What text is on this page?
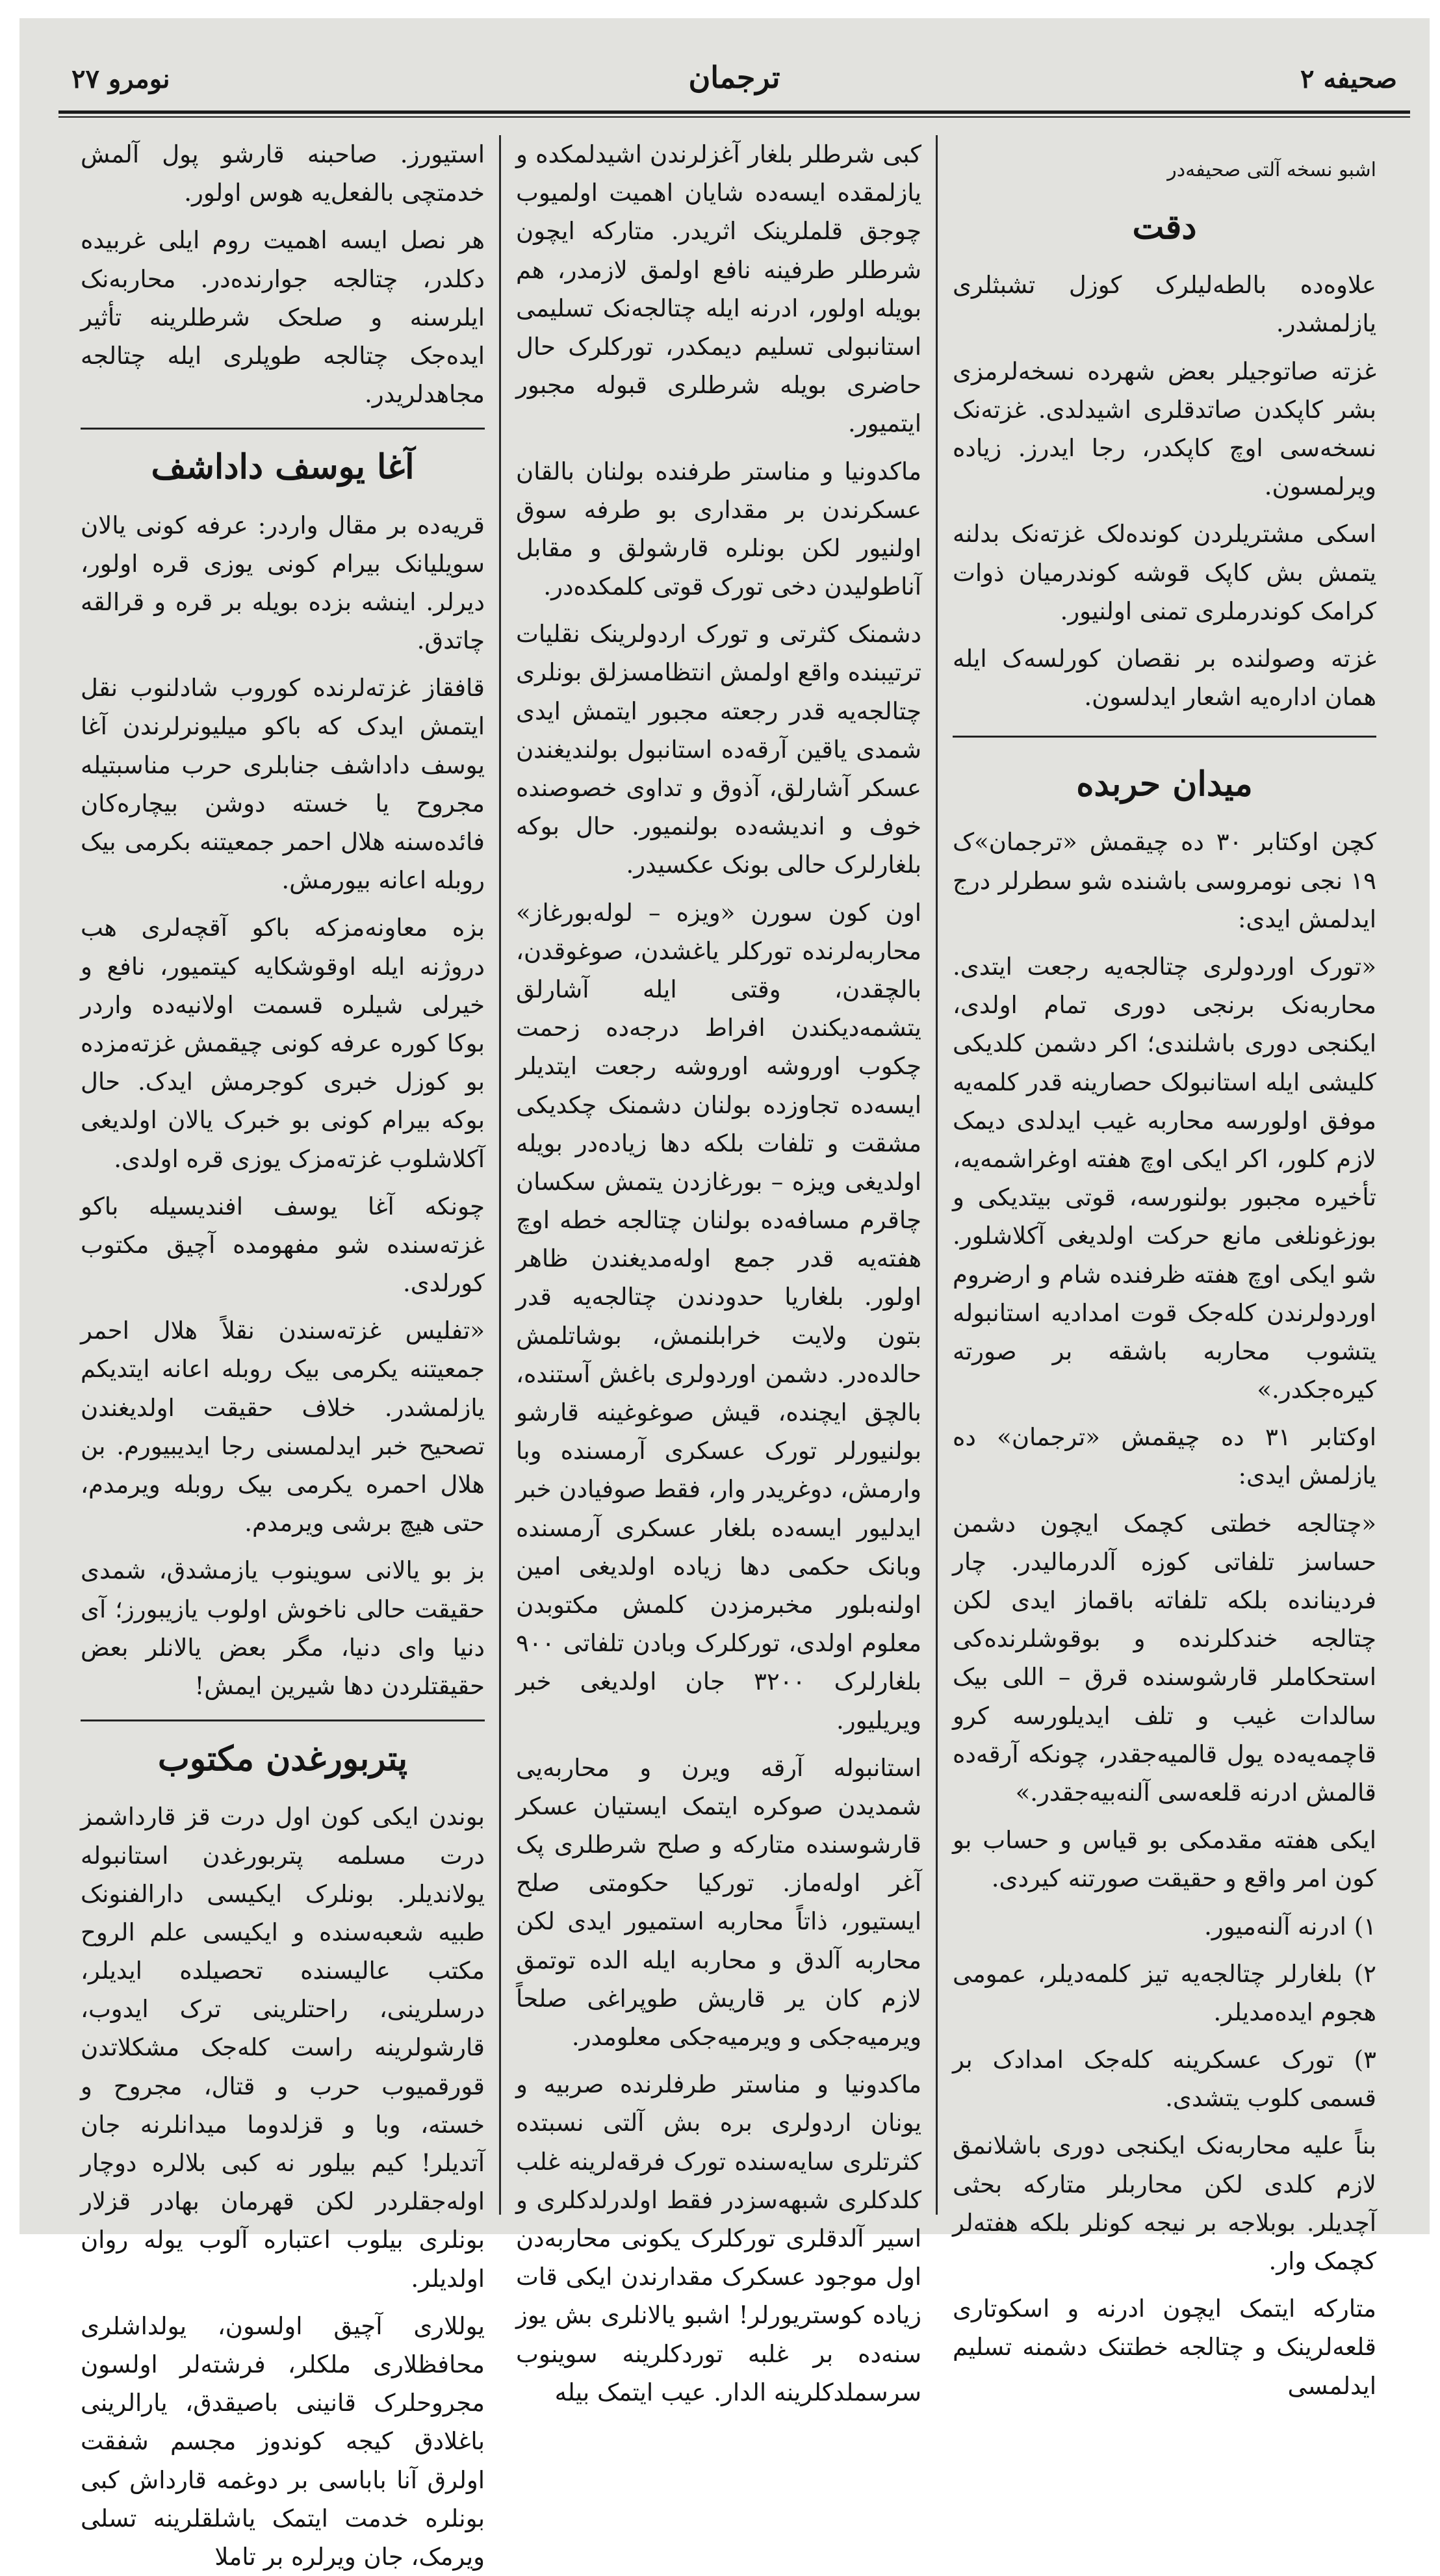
نومرو ۲۷	ترجمان	صحیفه ۲
اشبو نسخه آلتی صحیفه‌در
دقت

علاوه‌ده بالطه‌لیلرک کوزل تشبثلری یازلمشدر.

غزته صاتوجیلر بعض شهرده نسخه‌لرمزی بشر کاپکدن صاتدقلری اشیدلدی. غزته‌نک نسخه‌سی اوچ کاپکدر، رجا ایدرز. زیاده ویرلمسون.

اسکی مشتریلردن کوندەلک غزته‌نک بدلنه یتمش بش کاپک قوشه کوندرمیان ذوات کرامک کوندرملری تمنی اولنیور.

غزته وصولنده بر نقصان کورلسه‌ک ایله همان اداره‌یه اشعار ایدلسون.

میدان حربده

کچن اوکتابر ۳۰ ده چیقمش «ترجمان»‌ک ۱۹ نجی نومروسی باشنده شو سطرلر درج ایدلمش ایدی:

«تورک اوردولری چتالجه‌یه رجعت ایتدی. محاربه‌نک برنجی دوری تمام اولدی، ایکنجی دوری باشلندی؛ اکر دشمن کلدیکی کلیشی ایله استانبولک حصارینه قدر کلمه‌یه موفق اولورسه محاربه غیب ایدلدی دیمک لازم کلور، اکر ایکی اوچ هفته اوغراشمه‌یه، تأخیره مجبور بولنورسه، قوتی بیتدیکی و بوزغونلغی مانع حرکت اولدیغی آکلاشلور. شو ایکی اوچ هفته ظرفنده شام و ارضروم اوردولرندن کله‌جک قوت امدادیه استانبوله یتشوب محاربه باشقه بر صورته کیره‌جکدر.»

اوکتابر ۳۱ ده چیقمش «ترجمان» ده یازلمش ایدی:

«چتالجه خطتی کچمک ایچون دشمن حساسز تلفاتی کوزه آلدرمالیدر. چار فردینانده بلکه تلفاته باقماز ایدی لکن چتالجه خندکلرنده و بوقوشلرنده‌کی استحکاملر قارشوسنده قرق – اللی بیک سالدات غیب و تلف ایدیلورسه کرو قاچمه‌یه‌ده یول قالمیه‌جقدر، چونکه آرقه‌ده قالمش ادرنه قلعه‌سی آلنه‌بیه‌جقدر.»

ایکی هفته مقدمکی بو قیاس و حساب بو کون امر واقع و حقیقت صورتنه کیردی.

۱) ادرنه آلنه‌میور.

۲) بلغارلر چتالجه‌یه تیز کلمه‌دیلر، عمومی هجوم ایده‌مدیلر.

۳) تورک عسکرینه کله‌جک امدادک بر قسمی کلوب یتشدی.

بناً علیه محاربه‌نک ایکنجی دوری باشلانمق لازم کلدی لکن محاربلر متارکه بحثی آچدیلر. بوبلاجه بر نیجه کونلر بلکه هفته‌لر کچمک وار.

متارکه ایتمک ایچون ادرنه و اسکوتاری قلعه‌لرینک و چتالجه خطتنک دشمنه تسلیم ایدلمسی

کبی شرطلر بلغار آغزلرندن اشیدلمکده و یازلمقده ایسه‌ده شایان اهمیت اولمیوب چوجق قلملرینک اثریدر. متارکه ایچون شرطلر طرفینه نافع اولمق لازمدر، هم بویله اولور، ادرنه ایله چتالجه‌نک تسلیمی استانبولی تسلیم دیمکدر، تورکلرک حال حاضری بویله شرطلری قبوله مجبور ایتمیور.

ماکدونیا و مناستر طرفنده بولنان بالقان عسکرندن بر مقداری بو طرفه سوق اولنیور لکن بونلره قارشولق و مقابل آناطولیدن دخی تورک قوتی کلمکده‌در.

دشمنک کثرتی و تورک اردولرینک نقلیات ترتیبنده واقع اولمش انتظامسزلق بونلری چتالجه‌یه قدر رجعته مجبور ایتمش ایدی شمدی یاقین آرقه‌ده استانبول بولندیغندن عسکر آشارلق، آذوق و تداوی خصوصنده خوف و اندیشه‌ده بولنمیور. حال بوکه بلغارلرک حالی بونک عکسیدر.

اون کون سورن «ویزه – لوله‌بورغاز» محاربه‌لرنده تورکلر یاغشدن، صوغوقدن، بالچقدن، وقتی ایله آشارلق یتشمه‌دیکندن افراط درجه‌ده زحمت چکوب اوروشه اوروشه رجعت ایتدیلر ایسه‌ده تجاوزده بولنان دشمنک چکدیکی مشقت و تلفات بلکه دها زیاده‌در بویله اولدیغی ویزه – بورغازدن یتمش سکسان چاقرم مسافه‌ده بولنان چتالجه خطه اوچ هفته‌یه قدر جمع اوله‌مدیغندن ظاهر اولور. بلغاریا حدودندن چتالجه‌یه قدر بتون ولایت خرابلنمش، بوشاتلمش حالده‌در. دشمن اوردولری باغش آستنده، بالچق ایچنده، قیش صوغوغینه قارشو بولنیورلر تورک عسکری آرمسنده وبا وارمش، دوغریدر وار، فقط صوفیادن خبر ایدلیور ایسه‌ده بلغار عسکری آرمسنده وبانک حکمی دها زیاده اولدیغی امین اولنه‌بلور مخبرمزدن کلمش مکتوبدن معلوم اولدی، تورکلرک وبادن تلفاتی ۹۰۰ بلغارلرک ۳۲۰۰ جان اولدیغی خبر ویریلیور.

استانبوله آرقه ویرن و محاربه‌یی شمدیدن صوکره ایتمک ایستیان عسکر قارشوسنده متارکه و صلح شرطلری پک آغر اوله‌ماز. تورکیا حکومتی صلح ایستیور، ذاتاً محاربه استمیور ایدی لکن محاربه آلدق و محاربه ایله الده توتمق لازم کان یر قاریش طوپراغی صلحاً ویرمیه‌جکی و ویرمیه‌جکی معلومدر.

ماکدونیا و مناستر طرفلرنده صربیه و یونان اردولری بره بش آلتی نسبتده کثرتلری سایه‌سنده تورک فرقه‌لرینه غلب کلدکلری شبهه‌سزدر فقط اولدرلدکلری و اسیر آلدقلری تورکلرک یکونی محاربه‌دن اول موجود عسکرک مقدارندن ایکی قات زیاده کوستریورلر! اشبو یالانلری بش یوز سنه‌ده بر غلبه توردکلرینه سوینوب سرسملدکلرینه الدار. عیب ایتمک بیله

استیورز. صاحبنه قارشو پول آلمش خدمتچی بالفعل‌یه هوس اولور.

هر نصل ایسه اهمیت روم ایلی غربیده دکلدر، چتالجه جوارنده‌در. محاربه‌نک ایلرسنه و صلحک شرطلرینه تأثیر ایده‌جک چتالجه طوپلری ایله چتالجه مجاهدلریدر.

آغا یوسف داداشف

قریه‌ده بر مقال واردر: عرفه کونی یالان سویلیانک بیرام کونی یوزی قره اولور، دیرلر. اینشه بزده بویله بر قره و قرالقه چاتدق.

قافقاز غزته‌لرنده کوروب شادلنوب نقل ایتمش ایدک که باکو میلیونرلرندن آغا یوسف داداشف جنابلری حرب مناسبتیله مجروح یا خسته دوشن بیچاره‌کان فائده‌سنه هلال احمر جمعیتنه بکرمی بیک روبله اعانه بیورمش.

بزه معاونه‌مزکه باکو آقچه‌لری هب دروژنه ایله اوقوشکایه کیتمیور، نافع و خیرلی شیلره قسمت اولانیه‌ده واردر بوکا کوره عرفه کونی چیقمش غزته‌مزده بو کوزل خبری کوجرمش ایدک. حال بوکه بیرام کونی بو خبرک یالان اولدیغی آکلاشلوب غزته‌مزک یوزی قره اولدی.

چونکه آغا یوسف افندیسیله باکو غزته‌سنده شو مفهومده آچیق مکتوب کورلدی.

«تفلیس غزته‌سندن نقلاً هلال احمر جمعیتنه یکرمی بیک روبله اعانه ایتدیکم یازلمشدر. خلاف حقیقت اولدیغندن تصحیح خبر ایدلمسنی رجا ایدیبیورم. بن هلال احمره یکرمی بیک روبله ویرمدم، حتی هیچ برشی ویرمدم.

بز بو یالانی سوینوب یازمشدق، شمدی حقیقت حالی ناخوش اولوب یازیبورز؛ آی دنیا وای دنیا، مگر بعض یالانلر بعض حقیقتلردن دها شیرین ایمش!

پتربورغدن مکتوب

بوندن ایکی کون اول درت قز قارداشمز درت مسلمه پتربورغدن استانبوله یولاندیلر. بونلرک ایکیسی دارالفنونک طبیه شعبه‌سنده و ایکیسی علم الروح مکتب عالیسنده تحصیلده ایدیلر، درسلرینی، راحتلرینی ترک ایدوب، قارشولرینه راست کله‌جک مشکلاتدن قورقمیوب حرب و قتال، مجروح و خسته، وبا و قزلدوما میدانلرنه جان آتدیلر! کیم بیلور نه کبی بلالره دوچار اوله‌جقلردر لکن قهرمان بهادر قزلار بونلری بیلوب اعتباره آلوب یوله روان اولدیلر.

یوللاری آچیق اولسون، یولداشلری محافظلاری ملکلر، فرشته‌لر اولسون مجروحلرک قانینی باصیقدق، یارالرینی باغلادق کیجه کوندوز مجسم شفقت اولرق آنا باباسی بر دوغمه قارداش کبی بونلره خدمت ایتمک یاشلقلرینه تسلی ویرمک، جان ویرلره بر تاملا
